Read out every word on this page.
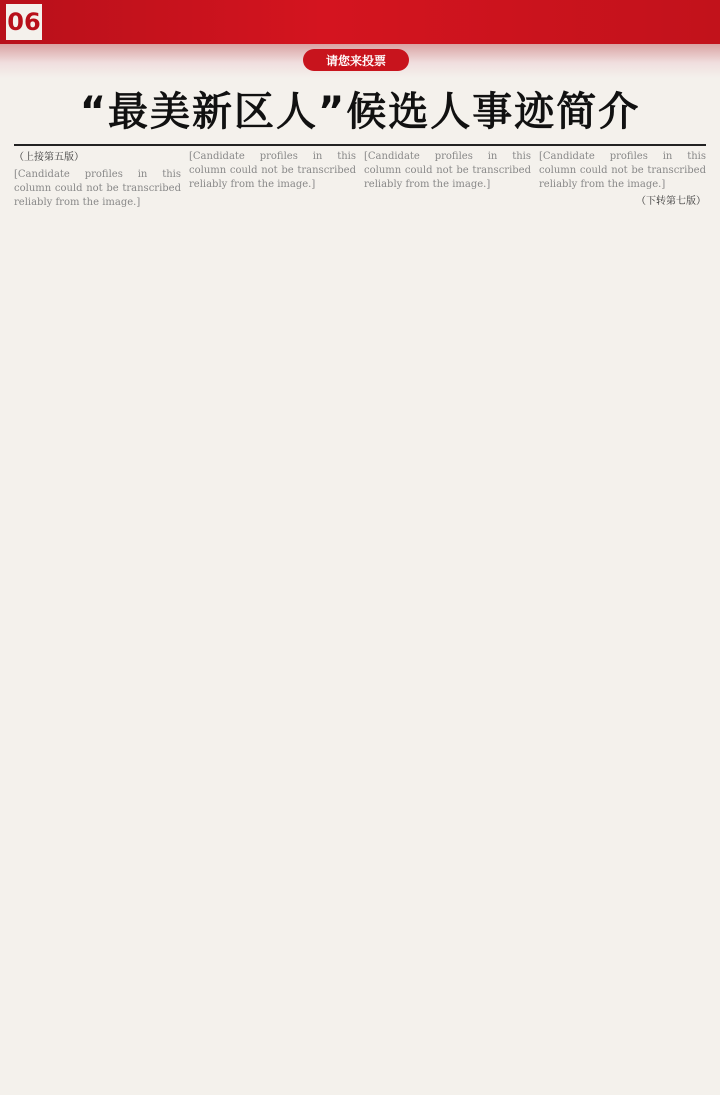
06
请您来投票
“最美新区人”候选人事迹简介
（上接第五版）
[Candidate profiles in this column could not be transcribed reliably from the image.]
[Candidate profiles in this column could not be transcribed reliably from the image.]
[Candidate profiles in this column could not be transcribed reliably from the image.]
[Candidate profiles in this column could not be transcribed reliably from the image.]
（下转第七版）
